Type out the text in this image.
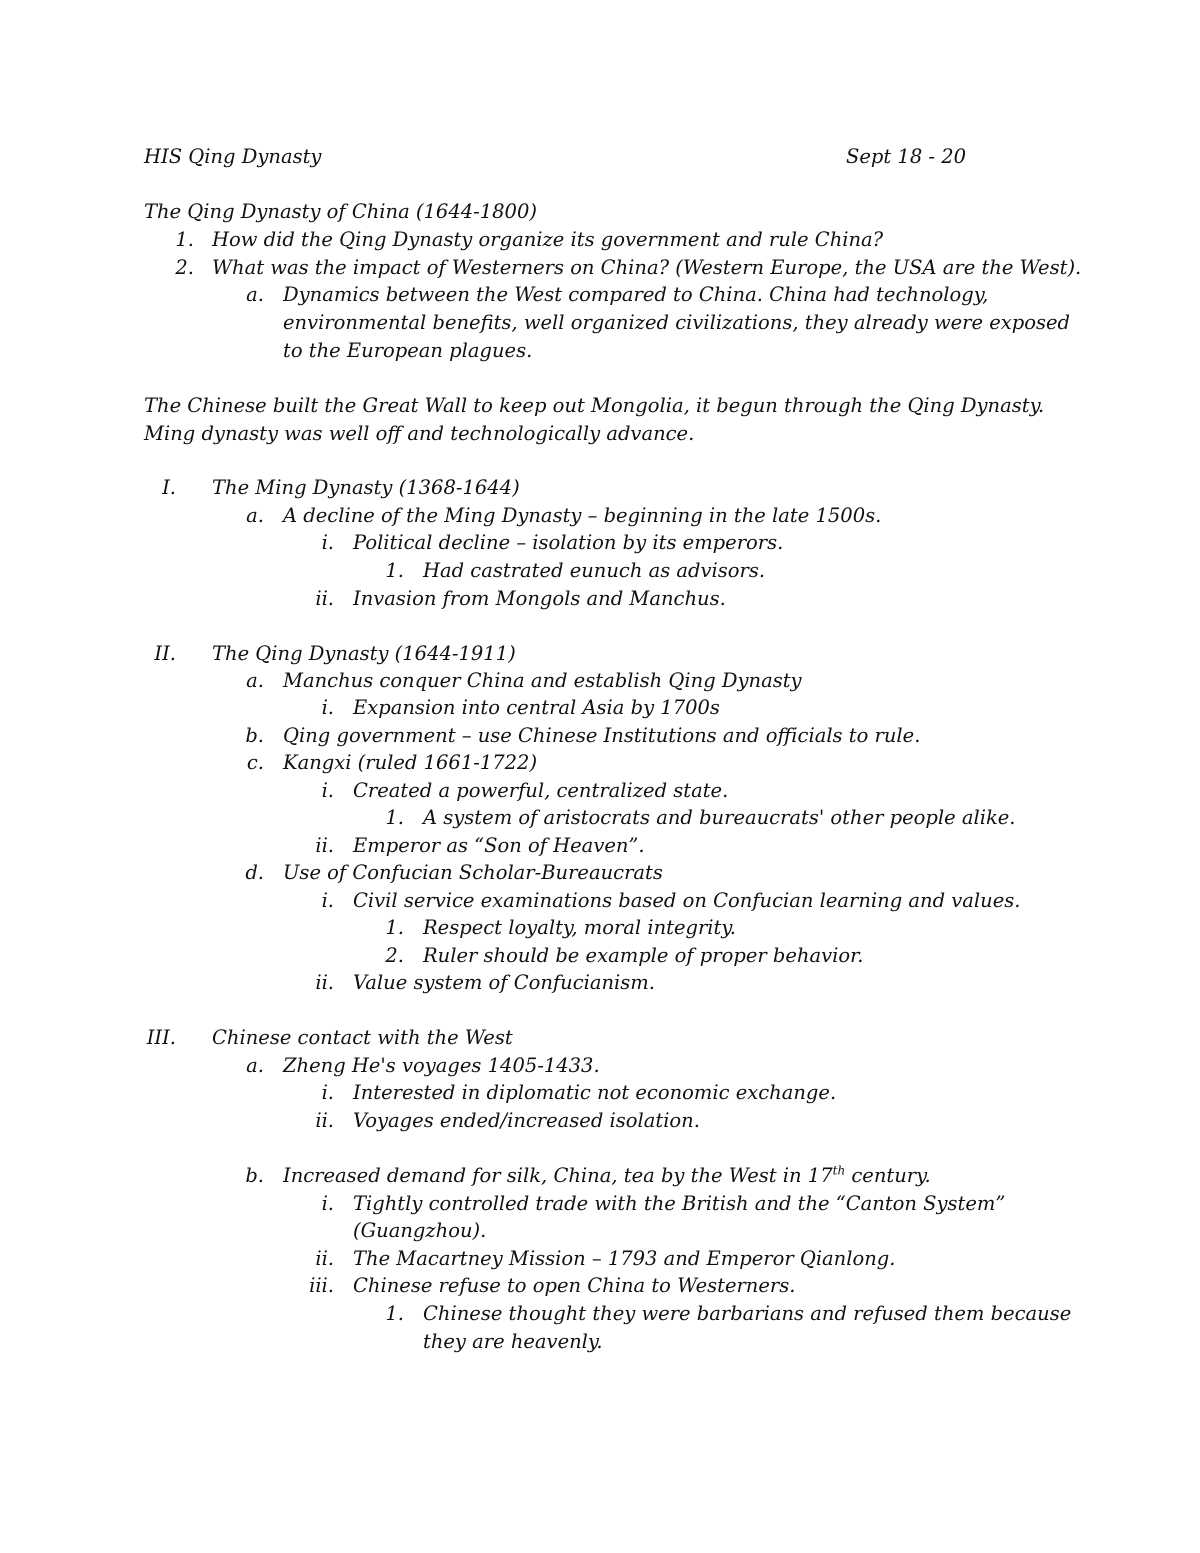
HIS Qing Dynasty	Sept 18 - 20
The Qing Dynasty of China (1644-1800)
1. How did the Qing Dynasty organize its government and rule China?
2. What was the impact of Westerners on China? (Western Europe, the USA are the West).
a. Dynamics between the West compared to China. China had technology,
environmental benefits, well organized civilizations, they already were exposed
to the European plagues.
The Chinese built the Great Wall to keep out Mongolia, it begun through the Qing Dynasty.
Ming dynasty was well off and technologically advance.
I. The Ming Dynasty (1368-1644)
a. A decline of the Ming Dynasty – beginning in the late 1500s.
i. Political decline – isolation by its emperors.
1. Had castrated eunuch as advisors.
ii. Invasion from Mongols and Manchus.
II. The Qing Dynasty (1644-1911)
a. Manchus conquer China and establish Qing Dynasty
i. Expansion into central Asia by 1700s
b. Qing government – use Chinese Institutions and officials to rule.
c. Kangxi (ruled 1661-1722)
i. Created a powerful, centralized state.
1. A system of aristocrats and bureaucrats' other people alike.
ii. Emperor as “Son of Heaven”.
d. Use of Confucian Scholar-Bureaucrats
i. Civil service examinations based on Confucian learning and values.
1. Respect loyalty, moral integrity.
2. Ruler should be example of proper behavior.
ii. Value system of Confucianism.
III. Chinese contact with the West
a. Zheng He's voyages 1405-1433.
i. Interested in diplomatic not economic exchange.
ii. Voyages ended/increased isolation.
b. Increased demand for silk, China, tea by the West in 17th century.
i. Tightly controlled trade with the British and the “Canton System”
(Guangzhou).
ii. The Macartney Mission – 1793 and Emperor Qianlong.
iii. Chinese refuse to open China to Westerners.
1. Chinese thought they were barbarians and refused them because
they are heavenly.
